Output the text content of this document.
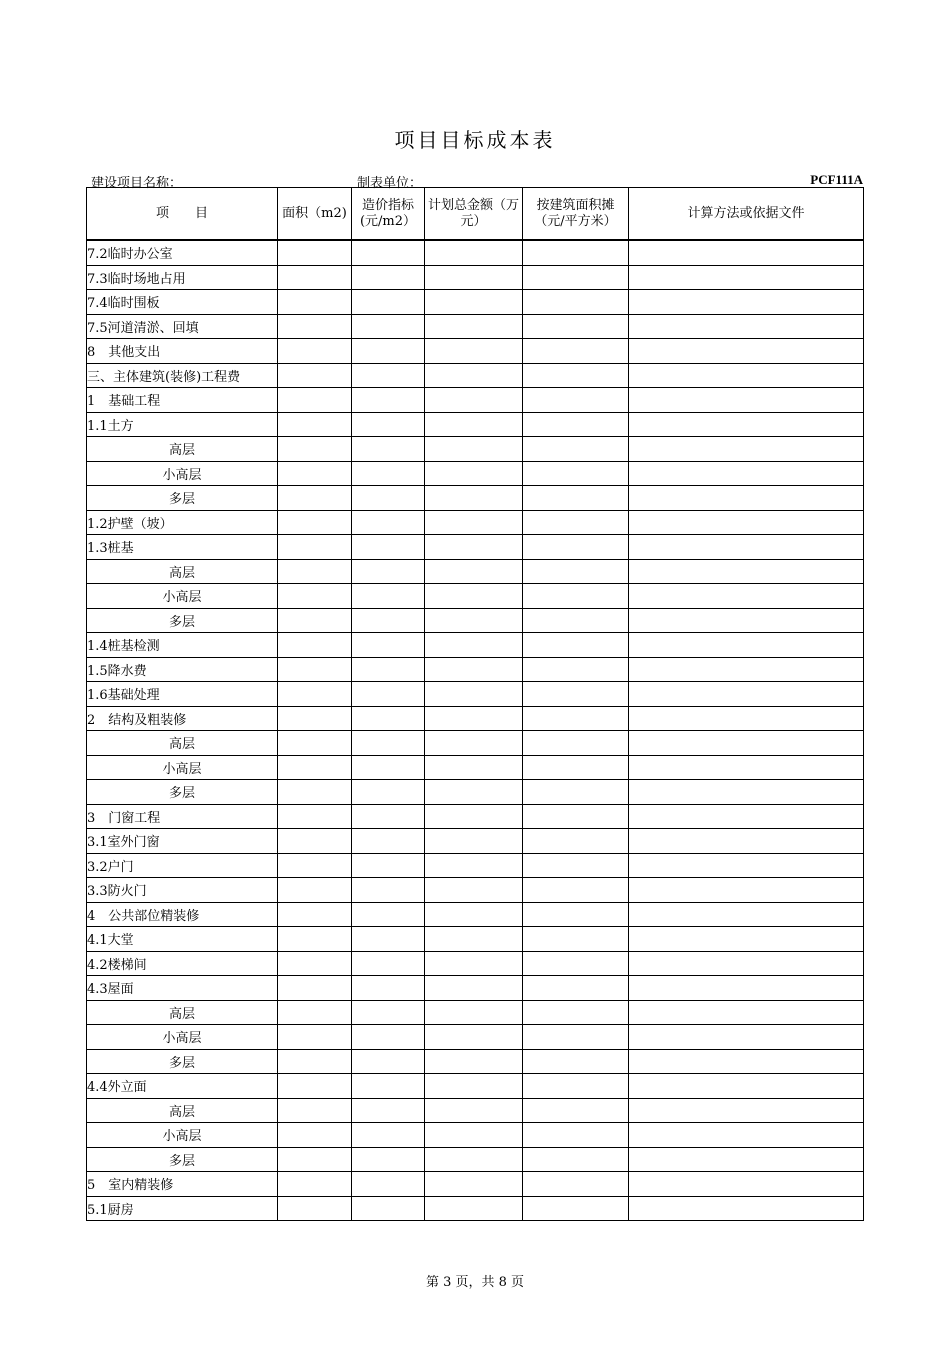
项目目标成本表
建设项目名称：	制表单位：	PCF111A
项　　目	面积（m2)	造价指标(元/m2）	计划总金额（万元）	按建筑面积摊（元/平方米）	计算方法或依据文件

7.2临时办公室					
7.3临时场地占用					
7.4临时围板					
7.5河道清淤、回填					
8　其他支出					
三、主体建筑(装修)工程费					
1　基础工程					
1.1土方					
高层					
小高层					
多层					
1.2护壁（坡）					
1.3桩基					
高层					
小高层					
多层					
1.4桩基检测					
1.5降水费					
1.6基础处理					
2　结构及粗装修					
高层					
小高层					
多层					
3　门窗工程					
3.1室外门窗					
3.2户门					
3.3防火门					
4　公共部位精装修					
4.1大堂					
4.2楼梯间					
4.3屋面					
高层					
小高层					
多层					
4.4外立面					
高层					
小高层					
多层					
5　室内精装修					
5.1厨房					
第 3 页，共 8 页
